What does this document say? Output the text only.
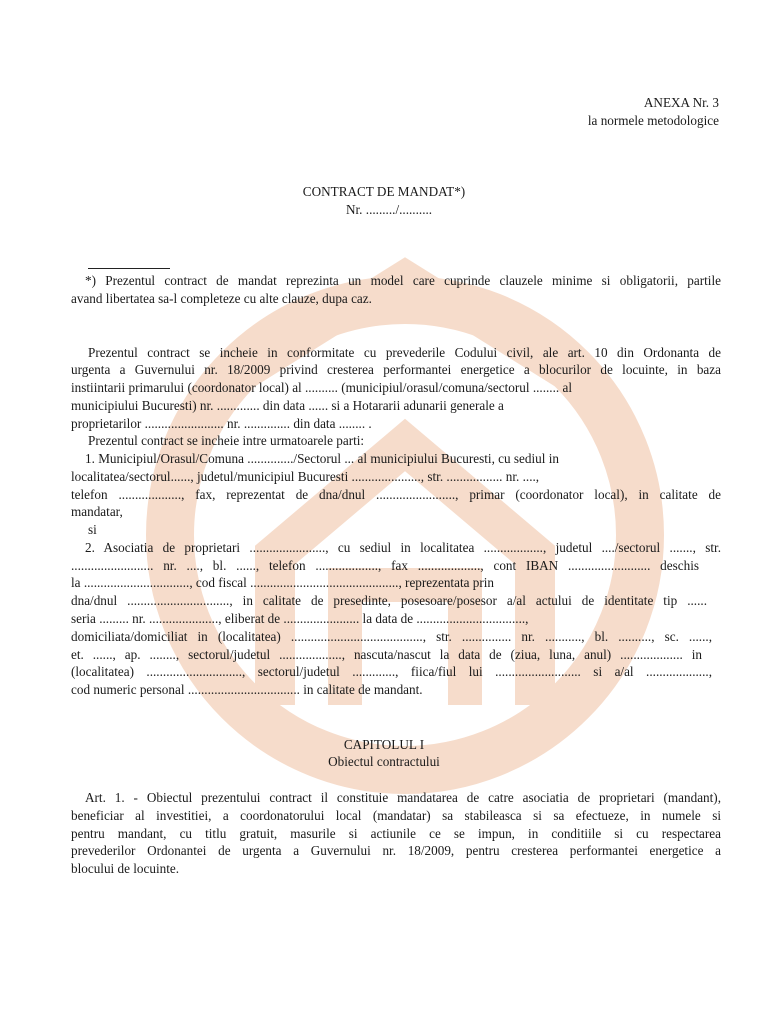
ANEXA Nr. 3
la normele metodologice
CONTRACT DE MANDAT*)
Nr. ........./..........
*) Prezentul contract de mandat reprezinta un model care cuprinde clauzele minime si obligatorii, partile
avand libertatea sa-l completeze cu alte clauze, dupa caz.
Prezentul contract se incheie in conformitate cu prevederile Codului civil, ale art. 10 din Ordonanta de
urgenta a Guvernului nr. 18/2009 privind cresterea performantei energetice a blocurilor de locuinte, in baza
instiintarii primarului (coordonator local) al .......... (municipiul/orasul/comuna/sectorul ........ al
municipiului Bucuresti) nr. ............. din data ...... si a Hotararii adunarii generale a
proprietarilor ........................ nr. .............. din data ........ .
Prezentul contract se incheie intre urmatoarele parti:
1. Municipiul/Orasul/Comuna ............../Sectorul ... al municipiului Bucuresti, cu sediul in
localitatea/sectorul......, judetul/municipiul Bucuresti ....................., str. ................. nr. ....,
telefon ..................., fax, reprezentat de dna/dnul ........................, primar (coordonator local), in calitate de
mandatar,
si
2. Asociatia de proprietari ......................., cu sediul in localitatea .................., judetul ..../sectorul ......., str.
......................... nr. ...., bl. ......, telefon ..................., fax ..................., cont IBAN ......................... deschis
la ................................, cod fiscal ............................................., reprezentata prin
dna/dnul ..............................., in calitate de presedinte, posesoare/posesor a/al actului de identitate tip ......
seria ......... nr. ....................., eliberat de ....................... la data de .................................,
domiciliata/domiciliat in (localitatea) ........................................, str. ............... nr. ..........., bl. .........., sc. ......,
et. ......, ap. ........, sectorul/judetul ..................., nascuta/nascut la data de (ziua, luna, anul) ................... in
(localitatea) ............................., sectorul/judetul ............., fiica/fiul lui .......................... si a/al ...................,
cod numeric personal .................................. in calitate de mandant.
CAPITOLUL I
Obiectul contractului
Art. 1. - Obiectul prezentului contract il constituie mandatarea de catre asociatia de proprietari (mandant),
beneficiar al investitiei, a coordonatorului local (mandatar) sa stabileasca si sa efectueze, in numele si
pentru mandant, cu titlu gratuit, masurile si actiunile ce se impun, in conditiile si cu respectarea
prevederilor Ordonantei de urgenta a Guvernului nr. 18/2009, pentru cresterea performantei energetice a
blocului de locuinte.
